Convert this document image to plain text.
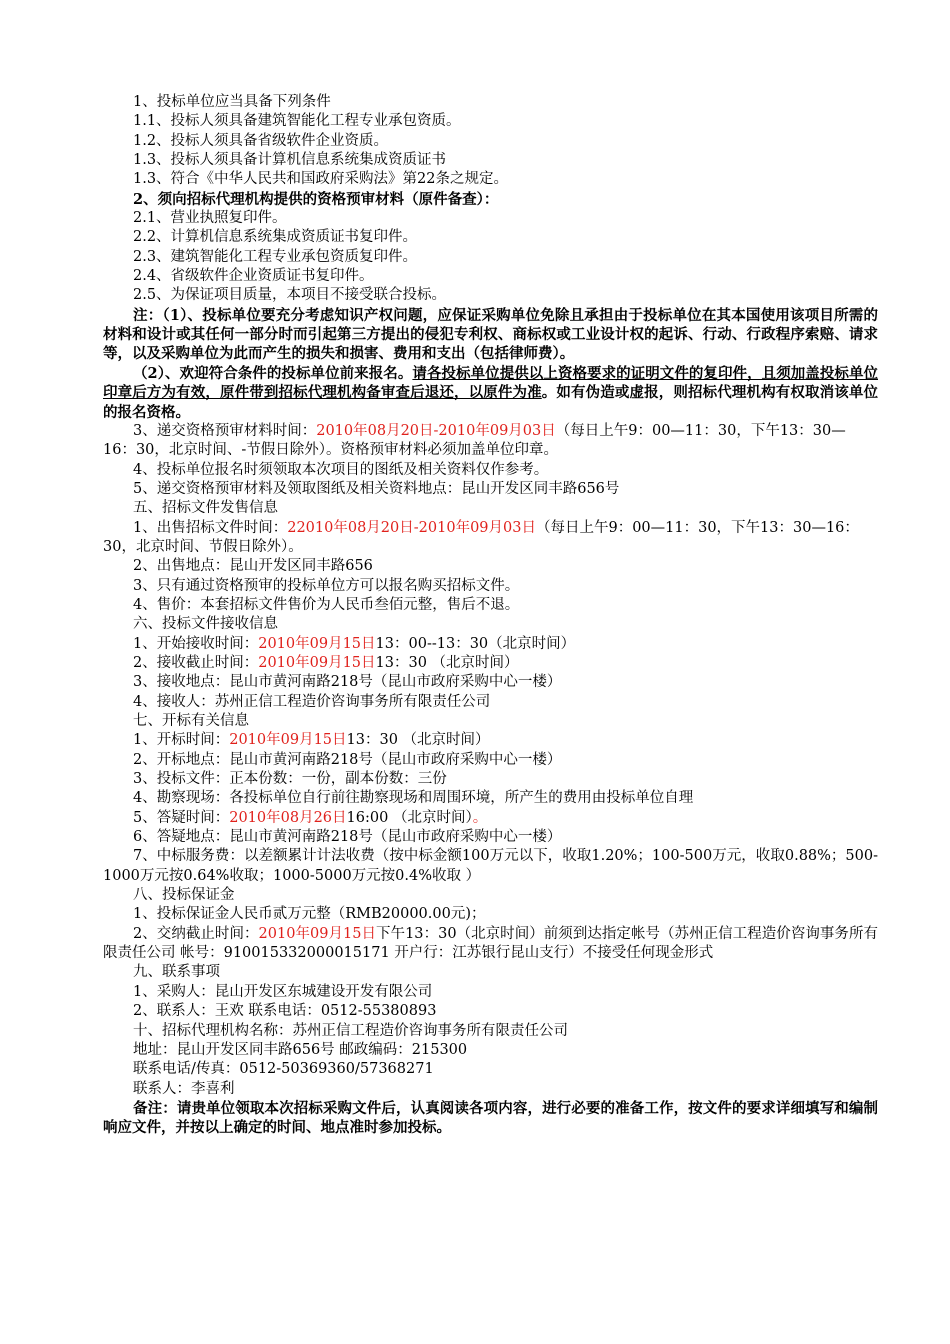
1、投标单位应当具备下列条件

1.1、投标人须具备建筑智能化工程专业承包资质。

1.2、投标人须具备省级软件企业资质。

1.3、投标人须具备计算机信息系统集成资质证书

1.3、符合《中华人民共和国政府采购法》第22条之规定。

2、须向招标代理机构提供的资格预审材料（原件备查）：

2.1、营业执照复印件。

2.2、计算机信息系统集成资质证书复印件。

2.3、建筑智能化工程专业承包资质复印件。

2.4、省级软件企业资质证书复印件。

2.5、为保证项目质量，本项目不接受联合投标。

注：（1）、投标单位要充分考虑知识产权问题，应保证采购单位免除且承担由于投标单位在其本国使用该项目所需的材料和设计或其任何一部分时而引起第三方提出的侵犯专利权、商标权或工业设计权的起诉、行动、行政程序索赔、请求等，以及采购单位为此而产生的损失和损害、费用和支出（包括律师费）。

（2）、欢迎符合条件的投标单位前来报名。请各投标单位提供以上资格要求的证明文件的复印件，且须加盖投标单位印章后方为有效，原件带到招标代理机构备审查后退还，以原件为准。如有伪造或虚报，则招标代理机构有权取消该单位的报名资格。

3、递交资格预审材料时间：2010年08月20日-2010年09月03日（每日上午9：00—11：30，下午13：30—16：30，北京时间、-节假日除外）。资格预审材料必须加盖单位印章。

4、投标单位报名时须领取本次项目的图纸及相关资料仅作参考。

5、递交资格预审材料及领取图纸及相关资料地点：昆山开发区同丰路656号

五、招标文件发售信息

1、出售招标文件时间：22010年08月20日-2010年09月03日（每日上午9：00—11：30，下午13：30—16：30，北京时间、节假日除外）。

2、出售地点：昆山开发区同丰路656

3、只有通过资格预审的投标单位方可以报名购买招标文件。

4、售价：本套招标文件售价为人民币叁佰元整，售后不退。

六、投标文件接收信息

1、开始接收时间：2010年09月15日13：00--13：30（北京时间）

2、接收截止时间：2010年09月15日13：30 （北京时间）

3、接收地点：昆山市黄河南路218号（昆山市政府采购中心一楼）

4、接收人：苏州正信工程造价咨询事务所有限责任公司

七、开标有关信息

1、开标时间：2010年09月15日13：30 （北京时间）

2、开标地点：昆山市黄河南路218号（昆山市政府采购中心一楼）

3、投标文件：正本份数：一份，副本份数：三份

4、勘察现场：各投标单位自行前往勘察现场和周围环境，所产生的费用由投标单位自理

5、答疑时间：2010年08月26日16:00 （北京时间）。

6、答疑地点：昆山市黄河南路218号（昆山市政府采购中心一楼）

7、中标服务费：以差额累计计法收费（按中标金额100万元以下，收取1.20%；100-500万元，收取0.88%；500-1000万元按0.64%收取；1000-5000万元按0.4%收取 ）

八、投标保证金

1、投标保证金人民币贰万元整（RMB20000.00元)；

2、交纳截止时间：2010年09月15日下午13：30（北京时间）前须到达指定帐号（苏州正信工程造价咨询事务所有限责任公司 帐号：910015332000015171 开户行：江苏银行昆山支行）不接受任何现金形式

九、联系事项

1、采购人：昆山开发区东城建设开发有限公司

2、联系人：王欢 联系电话：0512-55380893

十、招标代理机构名称：苏州正信工程造价咨询事务所有限责任公司

地址：昆山开发区同丰路656号 邮政编码：215300

联系电话/传真：0512-50369360/57368271

联系人：李喜利

备注：请贵单位领取本次招标采购文件后，认真阅读各项内容，进行必要的准备工作，按文件的要求详细填写和编制响应文件，并按以上确定的时间、地点准时参加投标。
